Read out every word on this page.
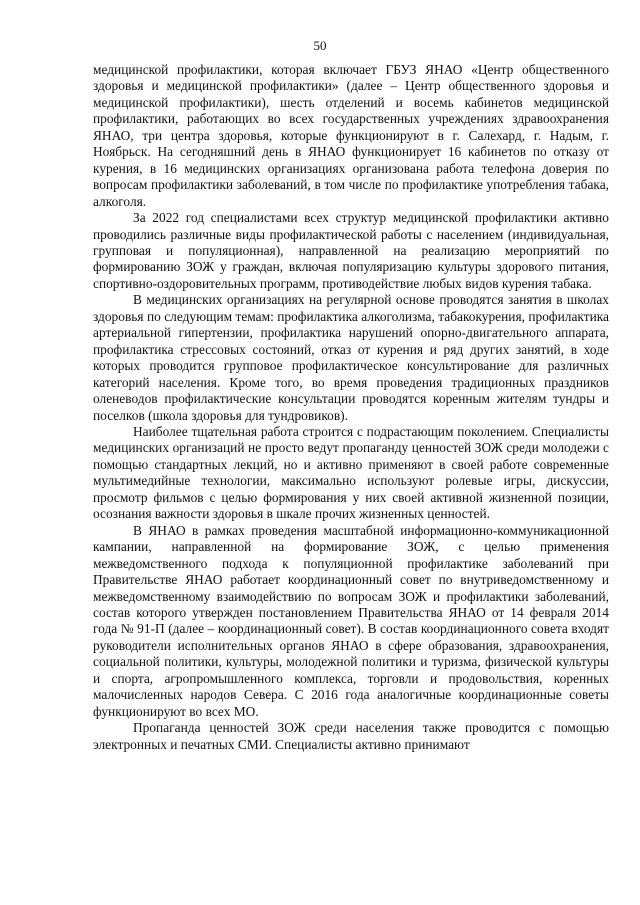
50

медицинской профилактики, которая включает ГБУЗ ЯНАО «Центр общественного здоровья и медицинской профилактики» (далее – Центр общественного здоровья и медицинской профилактики), шесть отделений и восемь кабинетов медицинской профилактики, работающих во всех государственных учреждениях здравоохранения ЯНАО, три центра здоровья, которые функционируют в г. Салехард, г. Надым, г. Ноябрьск. На сегодняшний день в ЯНАО функционирует 16 кабинетов по отказу от курения, в 16 медицинских организациях организована работа телефона доверия по вопросам профилактики заболеваний, в том числе по профилактике употребления табака, алкоголя.

За 2022 год специалистами всех структур медицинской профилактики активно проводились различные виды профилактической работы с населением (индивидуальная, групповая и популяционная), направленной на реализацию мероприятий по формированию ЗОЖ у граждан, включая популяризацию культуры здорового питания, спортивно-оздоровительных программ, противодействие любых видов курения табака.

В медицинских организациях на регулярной основе проводятся занятия в школах здоровья по следующим темам: профилактика алкоголизма, табакокурения, профилактика артериальной гипертензии, профилактика нарушений опорно-двигательного аппарата, профилактика стрессовых состояний, отказ от курения и ряд других занятий, в ходе которых проводится групповое профилактическое консультирование для различных категорий населения. Кроме того, во время проведения традиционных праздников оленеводов профилактические консультации проводятся коренным жителям тундры и поселков (школа здоровья для тундровиков).

Наиболее тщательная работа строится с подрастающим поколением. Специалисты медицинских организаций не просто ведут пропаганду ценностей ЗОЖ среди молодежи с помощью стандартных лекций, но и активно применяют в своей работе современные мультимедийные технологии, максимально используют ролевые игры, дискуссии, просмотр фильмов с целью формирования у них своей активной жизненной позиции, осознания важности здоровья в шкале прочих жизненных ценностей.

В ЯНАО в рамках проведения масштабной информационно-коммуникационной кампании, направленной на формирование ЗОЖ, с целью применения межведомственного подхода к популяционной профилактике заболеваний при Правительстве ЯНАО работает координационный совет по внутриведомственному и межведомственному взаимодействию по вопросам ЗОЖ и профилактики заболеваний, состав которого утвержден постановлением Правительства ЯНАО от 14 февраля 2014 года № 91-П (далее – координационный совет). В состав координационного совета входят руководители исполнительных органов ЯНАО в сфере образования, здравоохранения, социальной политики, культуры, молодежной политики и туризма, физической культуры и спорта, агропромышленного комплекса, торговли и продовольствия, коренных малочисленных народов Севера. С 2016 года аналогичные координационные советы функционируют во всех МО.

Пропаганда ценностей ЗОЖ среди населения также проводится с помощью электронных и печатных СМИ. Специалисты активно принимают
